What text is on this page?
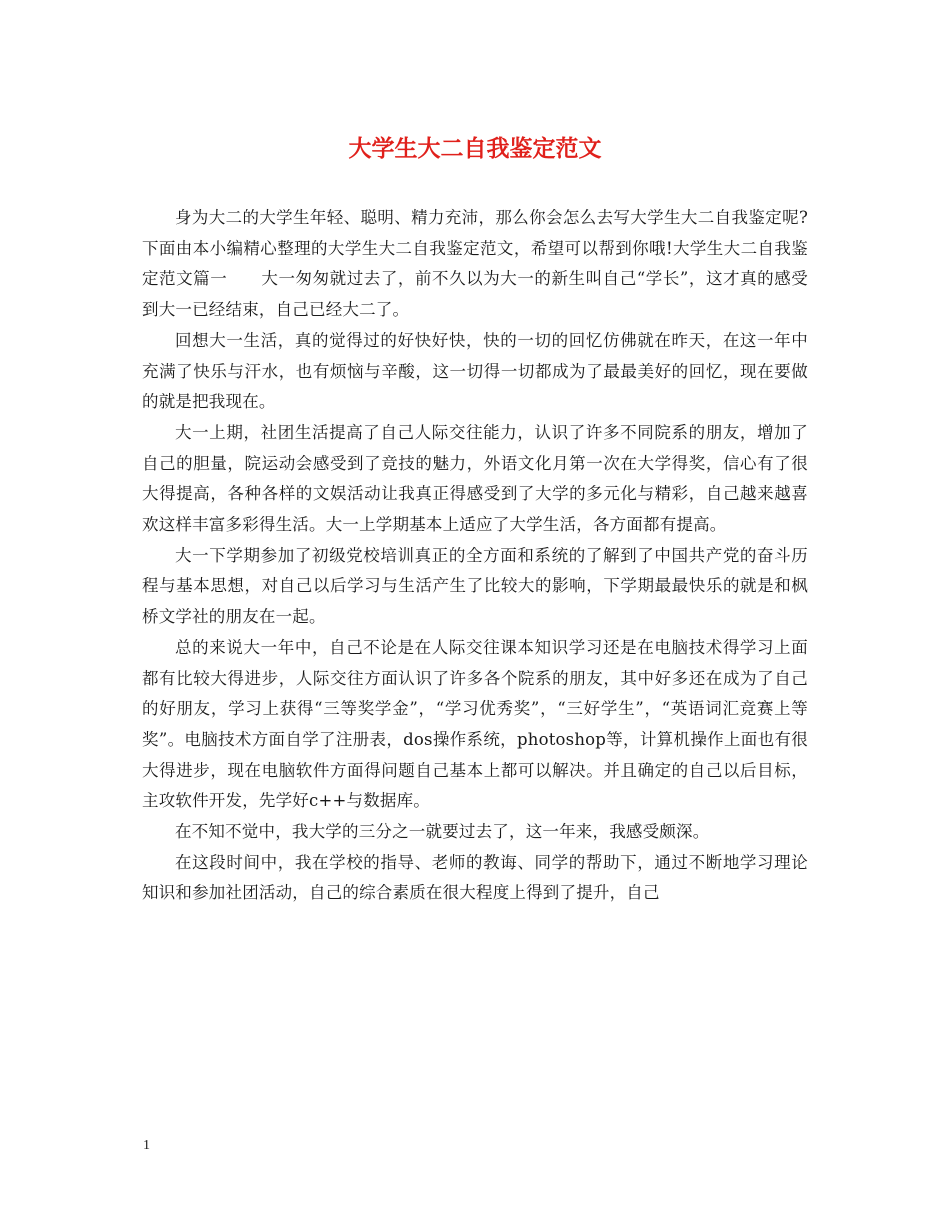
大学生大二自我鉴定范文

身为大二的大学生年轻、聪明、精力充沛，那么你会怎么去写大学生大二自我鉴定呢?下面由本小编精心整理的大学生大二自我鉴定范文，希望可以帮到你哦!大学生大二自我鉴定范文篇一　　大一匆匆就过去了，前不久以为大一的新生叫自己“学长”，这才真的感受到大一已经结束，自己已经大二了。

回想大一生活，真的觉得过的好快好快，快的一切的回忆仿佛就在昨天，在这一年中充满了快乐与汗水，也有烦恼与辛酸，这一切得一切都成为了最最美好的回忆，现在要做的就是把我现在。

大一上期，社团生活提高了自己人际交往能力，认识了许多不同院系的朋友，增加了自己的胆量，院运动会感受到了竞技的魅力，外语文化月第一次在大学得奖，信心有了很大得提高，各种各样的文娱活动让我真正得感受到了大学的多元化与精彩，自己越来越喜欢这样丰富多彩得生活。大一上学期基本上适应了大学生活，各方面都有提高。

大一下学期参加了初级党校培训真正的全方面和系统的了解到了中国共产党的奋斗历程与基本思想，对自己以后学习与生活产生了比较大的影响，下学期最最快乐的就是和枫桥文学社的朋友在一起。

总的来说大一年中，自己不论是在人际交往课本知识学习还是在电脑技术得学习上面都有比较大得进步，人际交往方面认识了许多各个院系的朋友，其中好多还在成为了自己的好朋友，学习上获得“三等奖学金”，“学习优秀奖”，“三好学生”，“英语词汇竞赛上等奖”。电脑技术方面自学了注册表，dos操作系统，photoshop等，计算机操作上面也有很大得进步，现在电脑软件方面得问题自己基本上都可以解决。并且确定的自己以后目标，主攻软件开发，先学好c++与数据库。

在不知不觉中，我大学的三分之一就要过去了，这一年来，我感受颇深。

在这段时间中，我在学校的指导、老师的教诲、同学的帮助下，通过不断地学习理论知识和参加社团活动，自己的综合素质在很大程度上得到了提升，自己

1
